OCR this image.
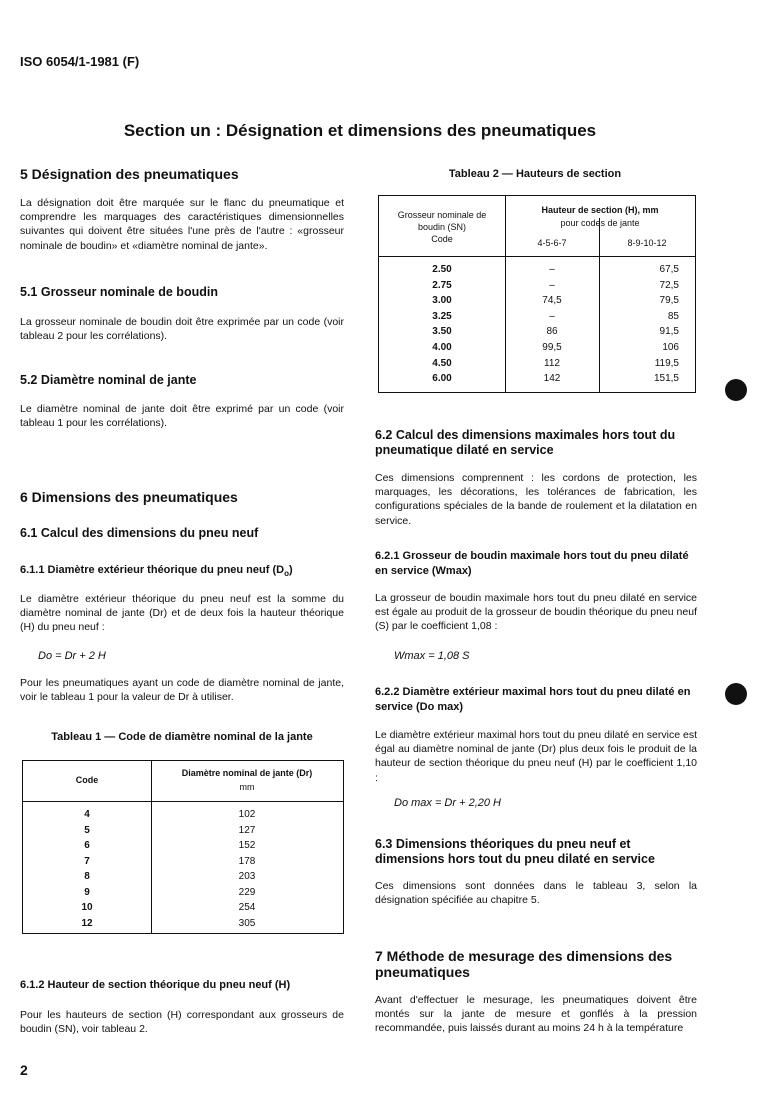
ISO 6054/1-1981 (F)
Section un : Désignation et dimensions des pneumatiques
5 Désignation des pneumatiques
La désignation doit être marquée sur le flanc du pneumatique et comprendre les marquages des caractéristiques dimensionnelles suivantes qui doivent être situées l'une près de l'autre : «grosseur nominale de boudin» et «diamètre nominal de jante».
5.1 Grosseur nominale de boudin
La grosseur nominale de boudin doit être exprimée par un code (voir tableau 2 pour les corrélations).
5.2 Diamètre nominal de jante
Le diamètre nominal de jante doit être exprimé par un code (voir tableau 1 pour les corrélations).
6 Dimensions des pneumatiques
6.1 Calcul des dimensions du pneu neuf
6.1.1 Diamètre extérieur théorique du pneu neuf $(D_o)$
Le diamètre extérieur théorique du pneu neuf est la somme du diamètre nominal de jante (Dr) et de deux fois la hauteur théorique (H) du pneu neuf :
Do = Dr + 2 H
Pour les pneumatiques ayant un code de diamètre nominal de jante, voir le tableau 1 pour la valeur de Dr à utiliser.
Tableau 1 — Code de diamètre nominal de la jante
Code
Diamètre nominal de jante (Dr)
mm
4	102
5	127
6	152
7	178
8	203
9	229
10	254
12	305
6.1.2 Hauteur de section théorique du pneu neuf (H)
Pour les hauteurs de section (H) correspondant aux grosseurs de boudin (SN), voir tableau 2.
2
Tableau 2 — Hauteurs de section
Grosseur nominale de
boudin (SN)
Code
Hauteur de section (H), mm
pour codes de jante
4-5-6-7	8-9-10-12
2.50	–	67,5
2.75	–	72,5
3.00	74,5	79,5
3.25	–	85
3.50	86	91,5
4.00	99,5	106
4.50	112	119,5
6.00	142	151,5
6.2 Calcul des dimensions maximales hors tout du pneumatique dilaté en service
Ces dimensions comprennent : les cordons de protection, les marquages, les décorations, les tolérances de fabrication, les configurations spéciales de la bande de roulement et la dilatation en service.
6.2.1 Grosseur de boudin maximale hors tout du pneu dilaté en service (Wmax)
La grosseur de boudin maximale hors tout du pneu dilaté en service est égale au produit de la grosseur de boudin théorique du pneu neuf (S) par le coefficient 1,08 :
Wmax = 1,08 S
6.2.2 Diamètre extérieur maximal hors tout du pneu dilaté en service (Do max)
Le diamètre extérieur maximal hors tout du pneu dilaté en service est égal au diamètre nominal de jante (Dr) plus deux fois le produit de la hauteur de section théorique du pneu neuf (H) par le coefficient 1,10 :
Do max = Dr + 2,20 H
6.3 Dimensions théoriques du pneu neuf et dimensions hors tout du pneu dilaté en service
Ces dimensions sont données dans le tableau 3, selon la désignation spécifiée au chapitre 5.
7 Méthode de mesurage des dimensions des pneumatiques
Avant d'effectuer le mesurage, les pneumatiques doivent être montés sur la jante de mesure et gonflés à la pression recommandée, puis laissés durant au moins 24 h à la température
